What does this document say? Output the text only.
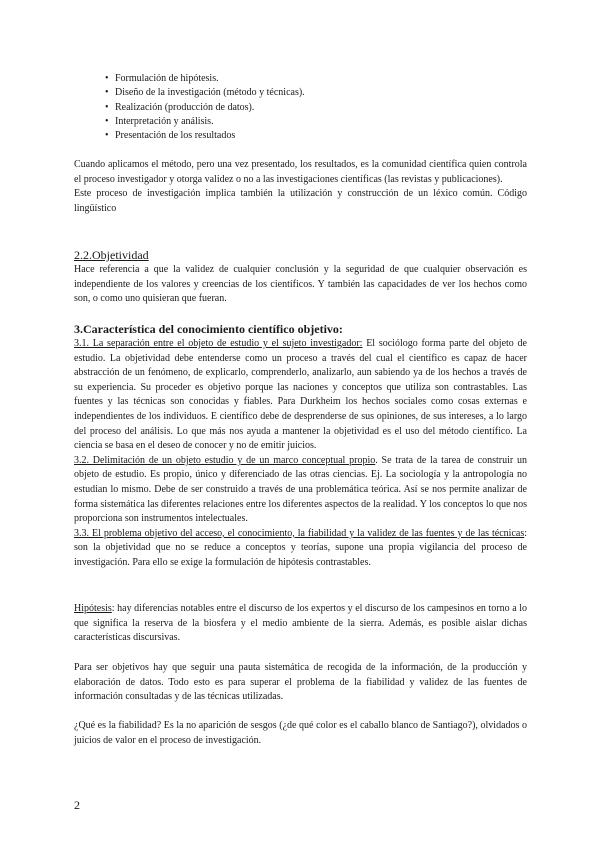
• Formulación de hipótesis.
• Diseño de la investigación (método y técnicas).
• Realización (producción de datos).
• Interpretación y análisis.
• Presentación de los resultados

Cuando aplicamos el método, pero una vez presentado, los resultados, es la comunidad científica quien controla el proceso investigador y otorga validez o no a las investigaciones científicas (las revistas y publicaciones).

Este proceso de investigación implica también la utilización y construcción de un léxico común. Código lingüístico

2.2.Objetividad

Hace referencia a que la validez de cualquier conclusión y la seguridad de que cualquier observación es independiente de los valores y creencias de los científicos. Y también las capacidades de ver los hechos como son, o como uno quisieran que fueran.

3.Característica del conocimiento científico objetivo:

3.1. La separación entre el objeto de estudio y el sujeto investigador: El sociólogo forma parte del objeto de estudio. La objetividad debe entenderse como un proceso a través del cual el científico es capaz de hacer abstracción de un fenómeno, de explicarlo, comprenderlo, analizarlo, aun sabiendo ya de los hechos a través de su experiencia. Su proceder es objetivo porque las naciones y conceptos que utiliza son contrastables. Las fuentes y las técnicas son conocidas y fiables. Para Durkheim los hechos sociales como cosas externas e independientes de los individuos. E científico debe de desprenderse de sus opiniones, de sus intereses, a lo largo del proceso del análisis. Lo que más nos ayuda a mantener la objetividad es el uso del método científico. La ciencia se basa en el deseo de conocer y no de emitir juicios.

3.2. Delimitación de un objeto estudio y de un marco conceptual propio. Se trata de la tarea de construir un objeto de estudio. Es propio, único y diferenciado de las otras ciencias. Ej. La sociología y la antropología no estudian lo mismo. Debe de ser construido a través de una problemática teórica. Así se nos permite analizar de forma sistemática las diferentes relaciones entre los diferentes aspectos de la realidad. Y los conceptos lo que nos proporciona son instrumentos intelectuales.

3.3. El problema objetivo del acceso, el conocimiento, la fiabilidad y la validez de las fuentes y de las técnicas: son la objetividad que no se reduce a conceptos y teorías, supone una propia vigilancia del proceso de investigación. Para ello se exige la formulación de hipótesis contrastables.

Hipótesis: hay diferencias notables entre el discurso de los expertos y el discurso de los campesinos en torno a lo que significa la reserva de la biosfera y el medio ambiente de la sierra. Además, es posible aislar dichas características discursivas.

Para ser objetivos hay que seguir una pauta sistemática de recogida de la información, de la producción y elaboración de datos. Todo esto es para superar el problema de la fiabilidad y validez de las fuentes de información consultadas y de las técnicas utilizadas.

¿Qué es la fiabilidad? Es la no aparición de sesgos (¿de qué color es el caballo blanco de Santiago?), olvidados o juicios de valor en el proceso de investigación.

2
